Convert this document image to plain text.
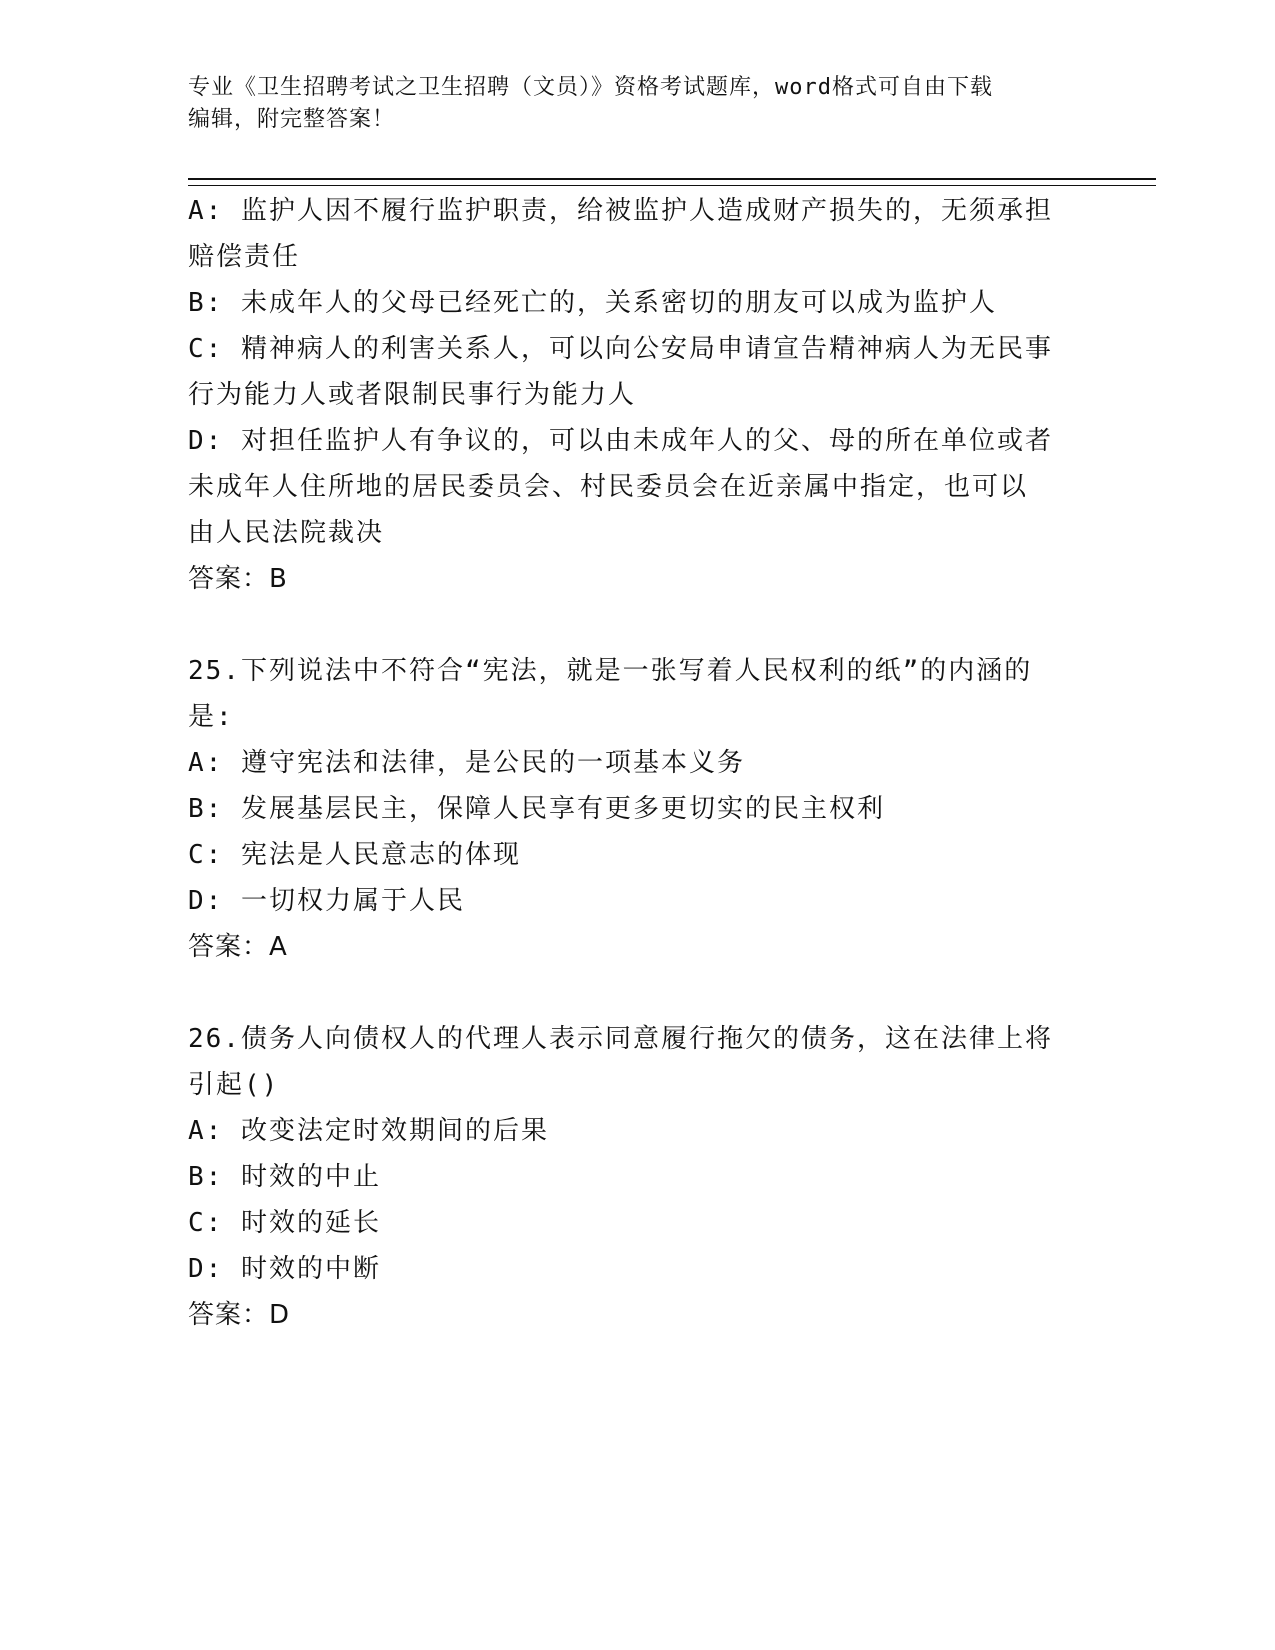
专业《卫生招聘考试之卫生招聘（文员）》资格考试题库，word格式可自由下载

编辑，附完整答案！

A: 监护人因不履行监护职责，给被监护人造成财产损失的，无须承担

赔偿责任

B: 未成年人的父母已经死亡的，关系密切的朋友可以成为监护人

C: 精神病人的利害关系人，可以向公安局申请宣告精神病人为无民事

行为能力人或者限制民事行为能力人

D: 对担任监护人有争议的，可以由未成年人的父、母的所在单位或者

未成年人住所地的居民委员会、村民委员会在近亲属中指定，也可以

由人民法院裁决

答案：B

25.下列说法中不符合“宪法，就是一张写着人民权利的纸”的内涵的

是:

A: 遵守宪法和法律，是公民的一项基本义务

B: 发展基层民主，保障人民享有更多更切实的民主权利

C: 宪法是人民意志的体现

D: 一切权力属于人民

答案：A

26.债务人向债权人的代理人表示同意履行拖欠的债务，这在法律上将

引起()

A: 改变法定时效期间的后果

B: 时效的中止

C: 时效的延长

D: 时效的中断

答案：D
